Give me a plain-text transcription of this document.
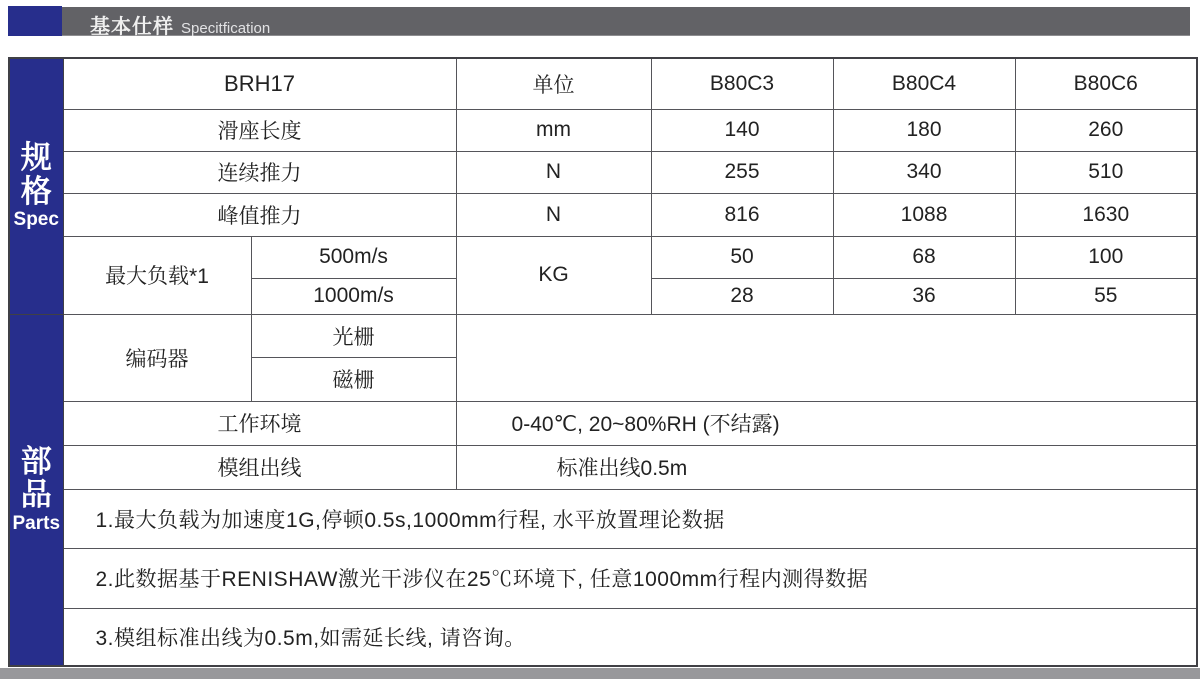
基本仕样 Specitfication
规
格
Spec	BRH17		单位	B80C3	B80C4	B80C6
	滑座长度		mm	140	180	260
	连续推力		N	255	340	510
	峰值推力		N	816	1088	1630
	最大负载*1	500m/s	KG	50	68	100
		1000m/s		28	36	55

部
品
Parts	编码器	光栅				
		磁栅				
	工作环境		0-40℃, 20~80%RH (不结露)			
	模组出线		标准出线0.5m			
	1.最大负载为加速度1G,停顿0.5s,1000mm行程, 水平放置理论数据					
	2.此数据基于RENISHAW激光干涉仪在25℃环境下, 任意1000mm行程内测得数据					
	3.模组标准出线为0.5m,如需延长线, 请咨询。					
